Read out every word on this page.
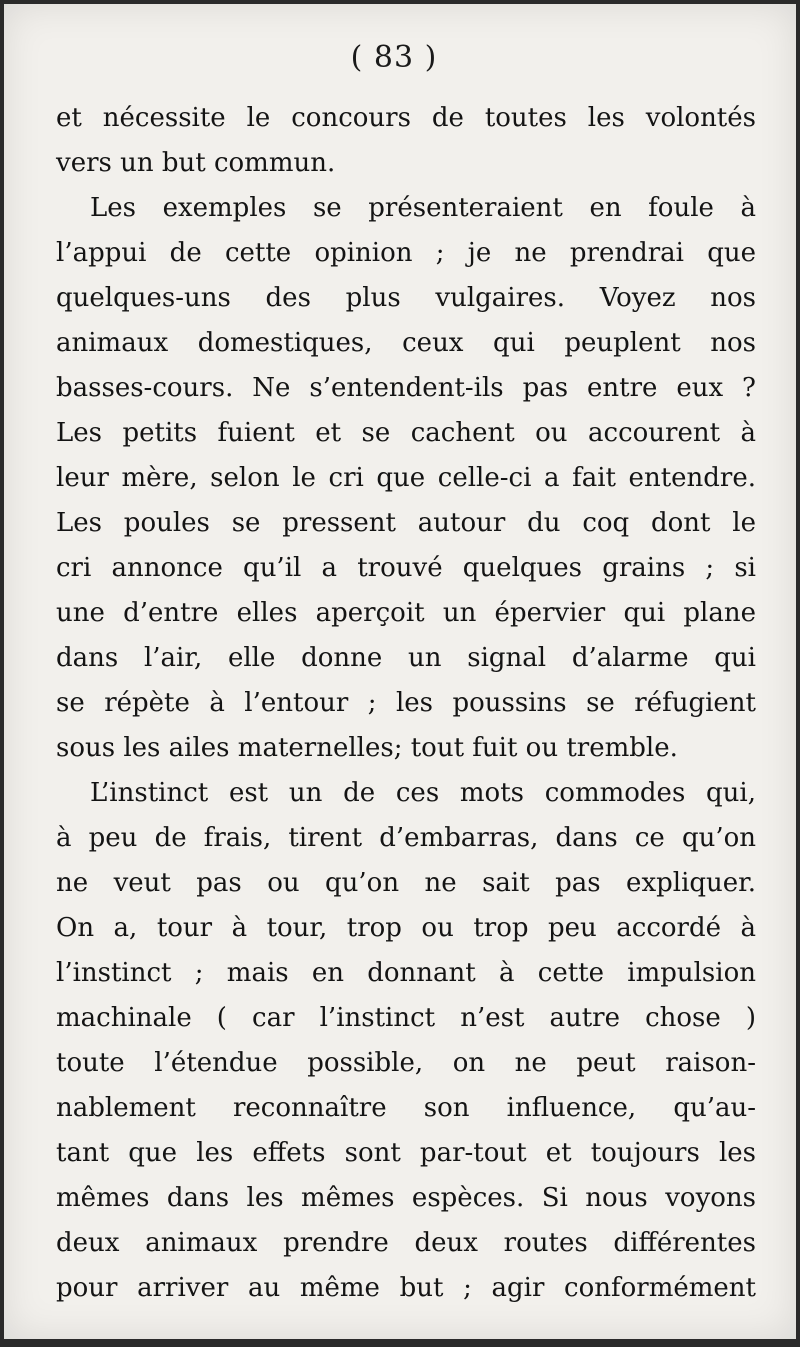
( 83 )
et nécessite le concours de toutes les volontés
vers un but commun.
Les exemples se présenteraient en foule à
l’appui de cette opinion ; je ne prendrai que
quelques-uns des plus vulgaires. Voyez nos
animaux domestiques, ceux qui peuplent nos
basses-cours. Ne s’entendent-ils pas entre eux ?
Les petits fuient et se cachent ou accourent à
leur mère, selon le cri que celle-ci a fait entendre.
Les poules se pressent autour du coq dont le
cri annonce qu’il a trouvé quelques grains ; si
une d’entre elles aperçoit un épervier qui plane
dans l’air, elle donne un signal d’alarme qui
se répète à l’entour ; les poussins se réfugient
sous les ailes maternelles; tout fuit ou tremble.
L’instinct est un de ces mots commodes qui,
à peu de frais, tirent d’embarras, dans ce qu’on
ne veut pas ou qu’on ne sait pas expliquer.
On a, tour à tour, trop ou trop peu accordé à
l’instinct ; mais en donnant à cette impulsion
machinale ( car l’instinct n’est autre chose )
toute l’étendue possible, on ne peut raison-
nablement reconnaître son influence, qu’au-
tant que les effets sont par-tout et toujours les
mêmes dans les mêmes espèces. Si nous voyons
deux animaux prendre deux routes différentes
pour arriver au même but ; agir conformément
